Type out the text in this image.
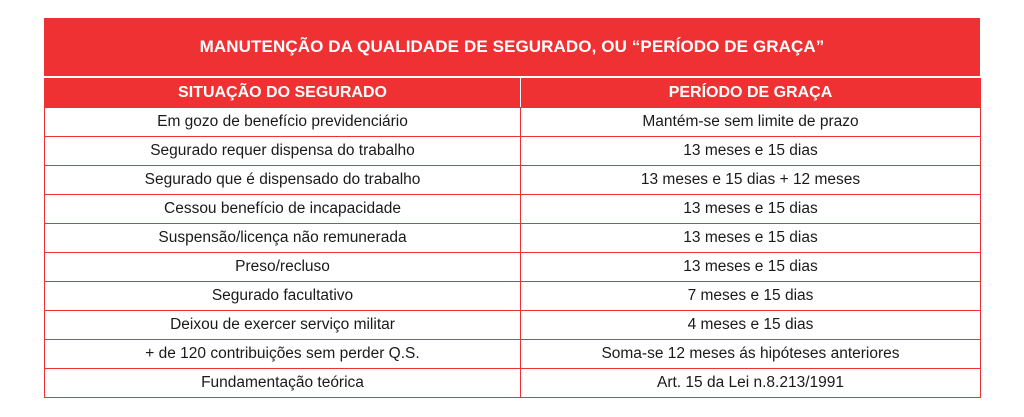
MANUTENÇÃO DA QUALIDADE DE SEGURADO, OU “PERÍODO DE GRAÇA”
SITUAÇÃO DO SEGURADO	PERÍODO DE GRAÇA
Em gozo de benefício previdenciário	Mantém-se sem limite de prazo
Segurado requer dispensa do trabalho	13 meses e 15 dias
Segurado que é dispensado do trabalho	13 meses e 15 dias + 12 meses
Cessou benefício de incapacidade	13 meses e 15 dias
Suspensão/licença não remunerada	13 meses e 15 dias
Preso/recluso	13 meses e 15 dias
Segurado facultativo	7 meses e 15 dias
Deixou de exercer serviço militar	4 meses e 15 dias
+ de 120 contribuições sem perder Q.S.	Soma-se 12 meses ás hipóteses anteriores
Fundamentação teórica	Art. 15 da Lei n.8.213/1991
